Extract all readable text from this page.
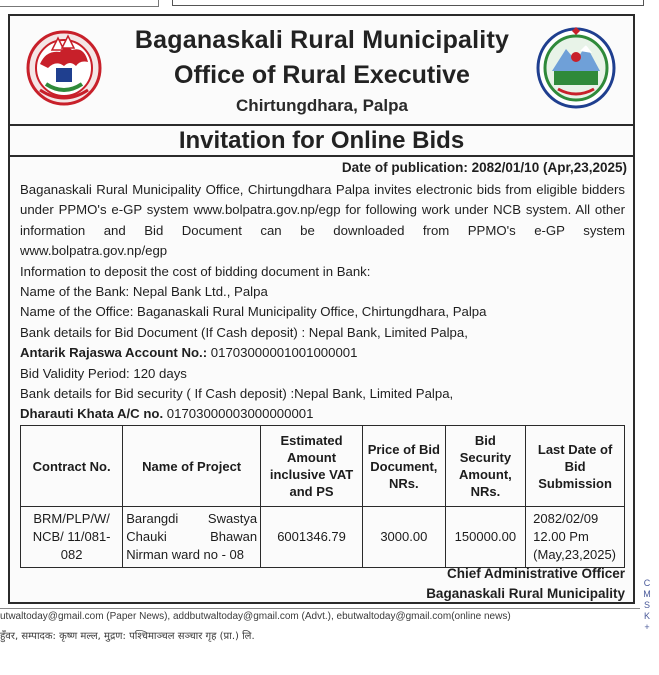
Baganaskali Rural Municipality
Office of Rural Executive
Chirtungdhara, Palpa
Invitation for Online Bids
Date of publication: 2082/01/10 (Apr,23,2025)

Baganaskali Rural Municipality Office, Chirtungdhara Palpa invites electronic bids from eligible bidders under PPMO's e-GP system www.bolpatra.gov.np/egp for following work under NCB system. All other information and Bid Document can be downloaded from PPMO's e-GP system www.bolpatra.gov.np/egp

Information to deposit the cost of bidding document in Bank:

Name of the Bank: Nepal Bank Ltd., Palpa

Name of the Office: Baganaskali Rural Municipality Office, Chirtungdhara, Palpa

Bank details for Bid Document (If Cash deposit) : Nepal Bank, Limited Palpa,

Antarik Rajaswa Account No.: 01703000001001000001

Bid Validity Period: 120 days

Bank details for Bid security ( If Cash deposit) :Nepal Bank, Limited Palpa,

Dharauti Khata A/C no. 01703000003000000001

Contract No.	Name of Project	Estimated Amount inclusive VAT and PS	Price of Bid Document, NRs.	Bid Security Amount, NRs.	Last Date of Bid Submission
BRM/PLP/W/ NCB/ 11/081-082	Barangdi Swastya Chauki Bhawan Nirman ward no - 08	6001346.79	3000.00	150000.00	2082/02/09
12.00 Pm
(May,23,2025)
Chief Administrative Officer
Baganaskali Rural Municipality
utwaltoday@gmail.com (Paper News), addbutwaltoday@gmail.com (Advt.), ebutwaltoday@gmail.com(online news)
हुँवर, सम्पादक: कृष्ण मल्ल, मुद्रण: पश्चिमाञ्चल सञ्चार गृह (प्रा.) लि.
C
M
S
K
+
